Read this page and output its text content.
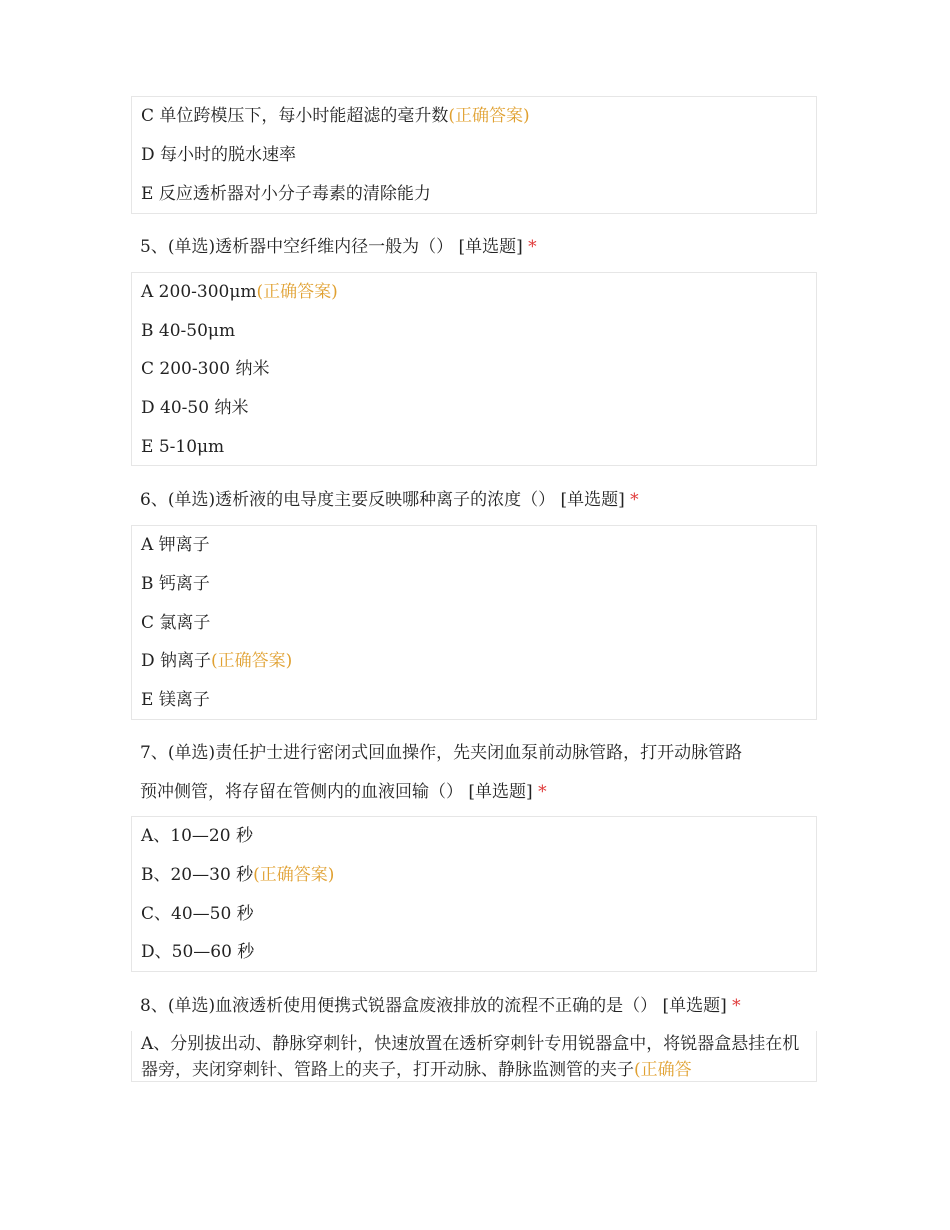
C 单位跨模压下，每小时能超滤的毫升数(正确答案)
D 每小时的脱水速率
E 反应透析器对小分子毒素的清除能力
5、(单选)透析器中空纤维内径一般为（） [单选题] *
A 200-300μm(正确答案)
B 40-50μm
C 200-300 纳米
D 40-50 纳米
E 5-10μm
6、(单选)透析液的电导度主要反映哪种离子的浓度（） [单选题] *
A 钾离子
B 钙离子
C 氯离子
D 钠离子(正确答案)
E 镁离子
7、(单选)责任护士进行密闭式回血操作，先夹闭血泵前动脉管路，打开动脉管路
预冲侧管，将存留在管侧内的血液回输（） [单选题] *
A、10—20 秒
B、20—30 秒(正确答案)
C、40—50 秒
D、50—60 秒
8、(单选)血液透析使用便携式锐器盒废液排放的流程不正确的是（） [单选题] *
A、分别拔出动、静脉穿刺针，快速放置在透析穿刺针专用锐器盒中，将锐器盒悬挂在机器旁，夹闭穿刺针、管路上的夹子，打开动脉、静脉监测管的夹子(正确答
